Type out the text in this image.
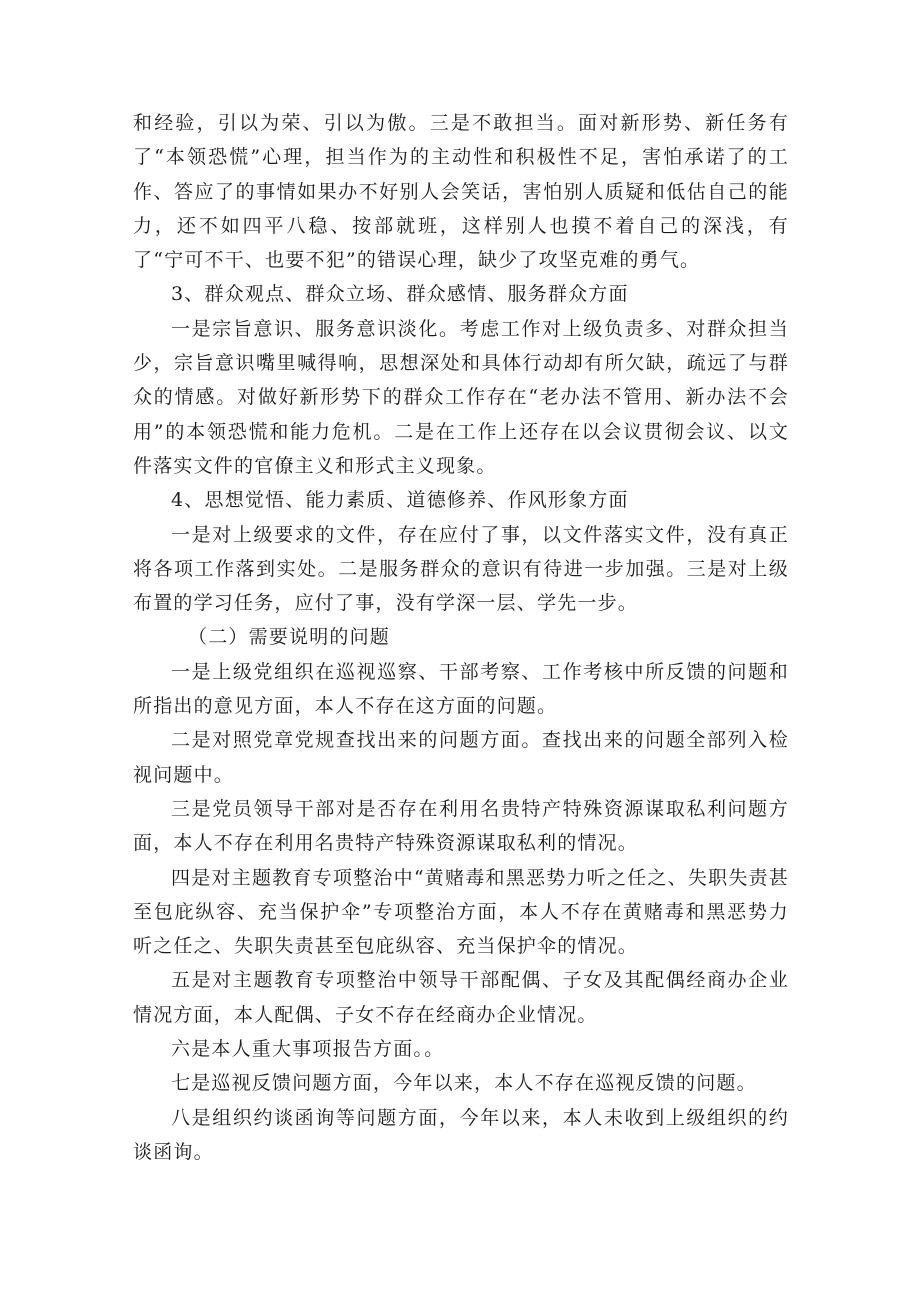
和经验，引以为荣、引以为傲。三是不敢担当。面对新形势、新任务有了“本领恐慌”心理，担当作为的主动性和积极性不足，害怕承诺了的工作、答应了的事情如果办不好别人会笑话，害怕别人质疑和低估自己的能力，还不如四平八稳、按部就班，这样别人也摸不着自己的深浅，有了“宁可不干、也要不犯”的错误心理，缺少了攻坚克难的勇气。

3、群众观点、群众立场、群众感情、服务群众方面

一是宗旨意识、服务意识淡化。考虑工作对上级负责多、对群众担当少，宗旨意识嘴里喊得响，思想深处和具体行动却有所欠缺，疏远了与群众的情感。对做好新形势下的群众工作存在“老办法不管用、新办法不会用”的本领恐慌和能力危机。二是在工作上还存在以会议贯彻会议、以文件落实文件的官僚主义和形式主义现象。

4、思想觉悟、能力素质、道德修养、作风形象方面

一是对上级要求的文件，存在应付了事，以文件落实文件，没有真正将各项工作落到实处。二是服务群众的意识有待进一步加强。三是对上级布置的学习任务，应付了事，没有学深一层、学先一步。

（二）需要说明的问题

一是上级党组织在巡视巡察、干部考察、工作考核中所反馈的问题和所指出的意见方面，本人不存在这方面的问题。

二是对照党章党规查找出来的问题方面。查找出来的问题全部列入检视问题中。

三是党员领导干部对是否存在利用名贵特产特殊资源谋取私利问题方面，本人不存在利用名贵特产特殊资源谋取私利的情况。

四是对主题教育专项整治中“黄赌毒和黑恶势力听之任之、失职失责甚至包庇纵容、充当保护伞”专项整治方面，本人不存在黄赌毒和黑恶势力听之任之、失职失责甚至包庇纵容、充当保护伞的情况。

五是对主题教育专项整治中领导干部配偶、子女及其配偶经商办企业情况方面，本人配偶、子女不存在经商办企业情况。

六是本人重大事项报告方面。。

七是巡视反馈问题方面，今年以来，本人不存在巡视反馈的问题。

八是组织约谈函询等问题方面，今年以来，本人未收到上级组织的约谈函询。
